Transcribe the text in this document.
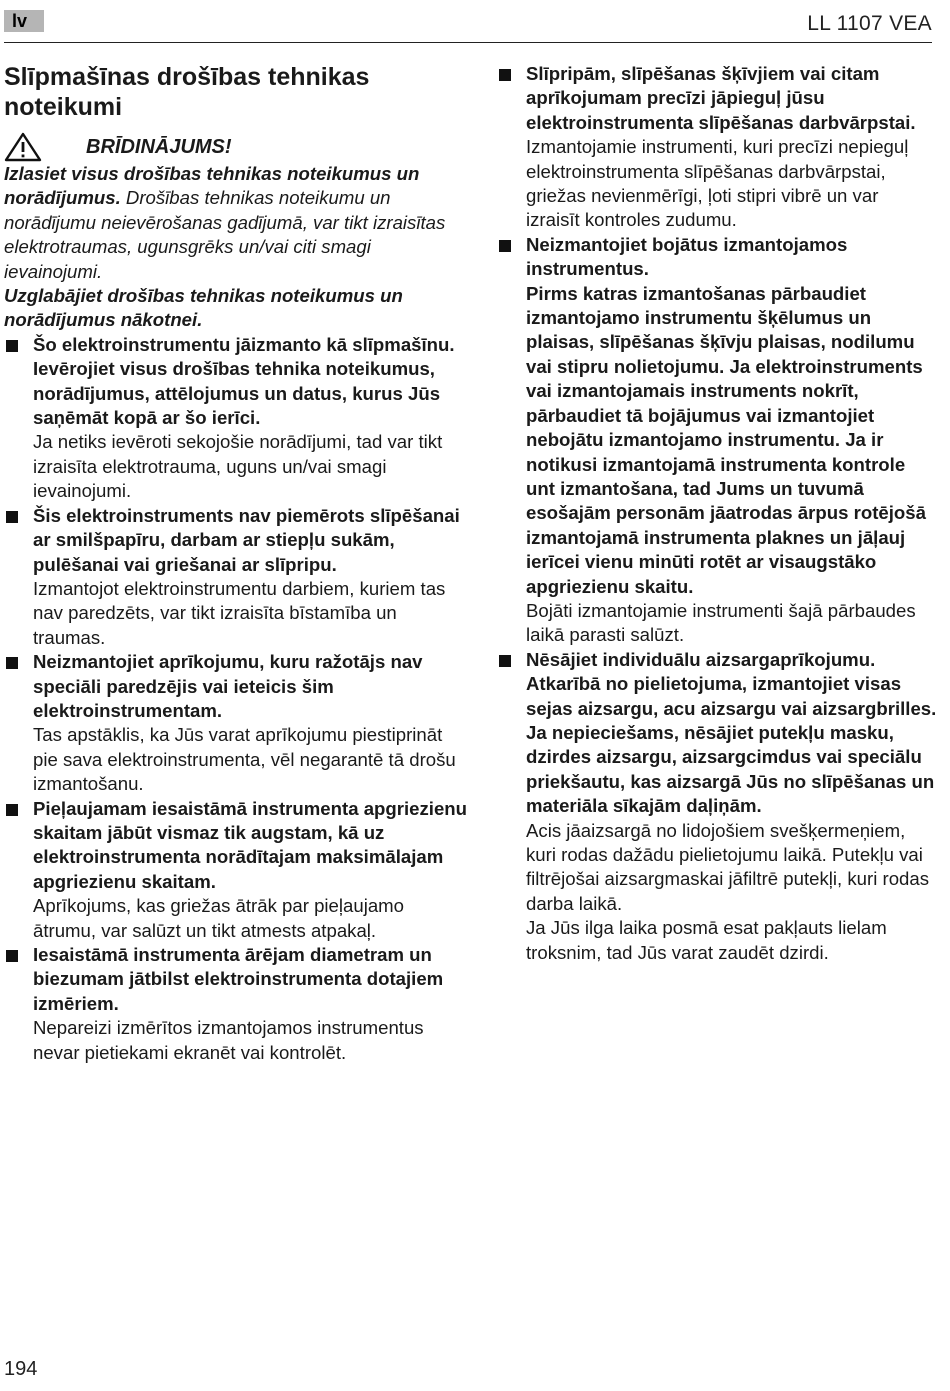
lv	LL 1107 VEA
Slīpmašīnas drošības tehnikas noteikumi
BRĪDINĀJUMS!

Izlasiet visus drošības tehnikas noteikumus un norādījumus. Drošības tehnikas noteikumu un norādījumu neievērošanas gadījumā, var tikt izraisītas elektrotraumas, ugunsgrēks un/vai citi smagi ievainojumi.

Uzglabājiet drošības tehnikas noteikumus un norādījumus nākotnei.

Šo elektroinstrumentu jāizmanto kā slīpmašīnu. Ievērojiet visus drošības tehnika noteikumus, norādījumus, attēlojumus un datus, kurus Jūs saņēmāt kopā ar šo ierīci.

Ja netiks ievēroti sekojošie norādījumi, tad var tikt izraisīta elektrotrauma, uguns un/vai smagi ievainojumi.

Šis elektroinstruments nav piemērots slīpēšanai ar smilšpapīru, darbam ar stiepļu sukām, pulēšanai vai griešanai ar slīpripu.

Izmantojot elektroinstrumentu darbiem, kuriem tas nav paredzēts, var tikt izraisīta bīstamība un traumas.

Neizmantojiet aprīkojumu, kuru ražotājs nav speciāli paredzējis vai ieteicis šim elektroinstrumentam.

Tas apstāklis, ka Jūs varat aprīkojumu piestiprināt pie sava elektroinstrumenta, vēl negarantē tā drošu izmantošanu.

Pieļaujamam iesaistāmā instrumenta apgriezienu skaitam jābūt vismaz tik augstam, kā uz elektroinstrumenta norādītajam maksimālajam apgriezienu skaitam.

Aprīkojums, kas griežas ātrāk par pieļaujamo ātrumu, var salūzt un tikt atmests atpakaļ.

Iesaistāmā instrumenta ārējam diametram un biezumam jātbilst elektroinstrumenta dotajiem izmēriem.

Nepareizi izmērītos izmantojamos instrumentus nevar pietiekami ekranēt vai kontrolēt.

Slīpripām, slīpēšanas šķīvjiem vai citam aprīkojumam precīzi jāpieguļ jūsu elektroinstrumenta slīpēšanas darbvārpstai.

Izmantojamie instrumenti, kuri precīzi nepieguļ elektroinstrumenta slīpēšanas darbvārpstai, griežas nevienmērīgi, ļoti stipri vibrē un var izraisīt kontroles zudumu.

Neizmantojiet bojātus izmantojamos instrumentus.

Pirms katras izmantošanas pārbaudiet izmantojamo instrumentu šķēlumus un plaisas, slīpēšanas šķīvju plaisas, nodilumu vai stipru nolietojumu. Ja elektroinstruments vai izmantojamais instruments nokrīt, pārbaudiet tā bojājumus vai izmantojiet nebojātu izmantojamo instrumentu. Ja ir notikusi izmantojamā instrumenta kontrole unt izmantošana, tad Jums un tuvumā esošajām personām jāatrodas ārpus rotējošā izmantojamā instrumenta plaknes un jāļauj ierīcei vienu minūti rotēt ar visaugstāko apgriezienu skaitu.

Bojāti izmantojamie instrumenti šajā pārbaudes laikā parasti salūzt.

Nēsājiet individuālu aizsargaprīkojumu. Atkarībā no pielietojuma, izmantojiet visas sejas aizsargu, acu aizsargu vai aizsargbrilles.

Ja nepieciešams, nēsājiet putekļu masku, dzirdes aizsargu, aizsargcimdus vai speciālu priekšautu, kas aizsargā Jūs no slīpēšanas un materiāla sīkajām daļiņām.

Acis jāaizsargā no lidojošiem svešķermeņiem, kuri rodas dažādu pielietojumu laikā. Putekļu vai filtrējošai aizsargmaskai jāfiltrē putekļi, kuri rodas darba laikā.

Ja Jūs ilga laika posmā esat pakļauts lielam troksnim, tad Jūs varat zaudēt dzirdi.

194
